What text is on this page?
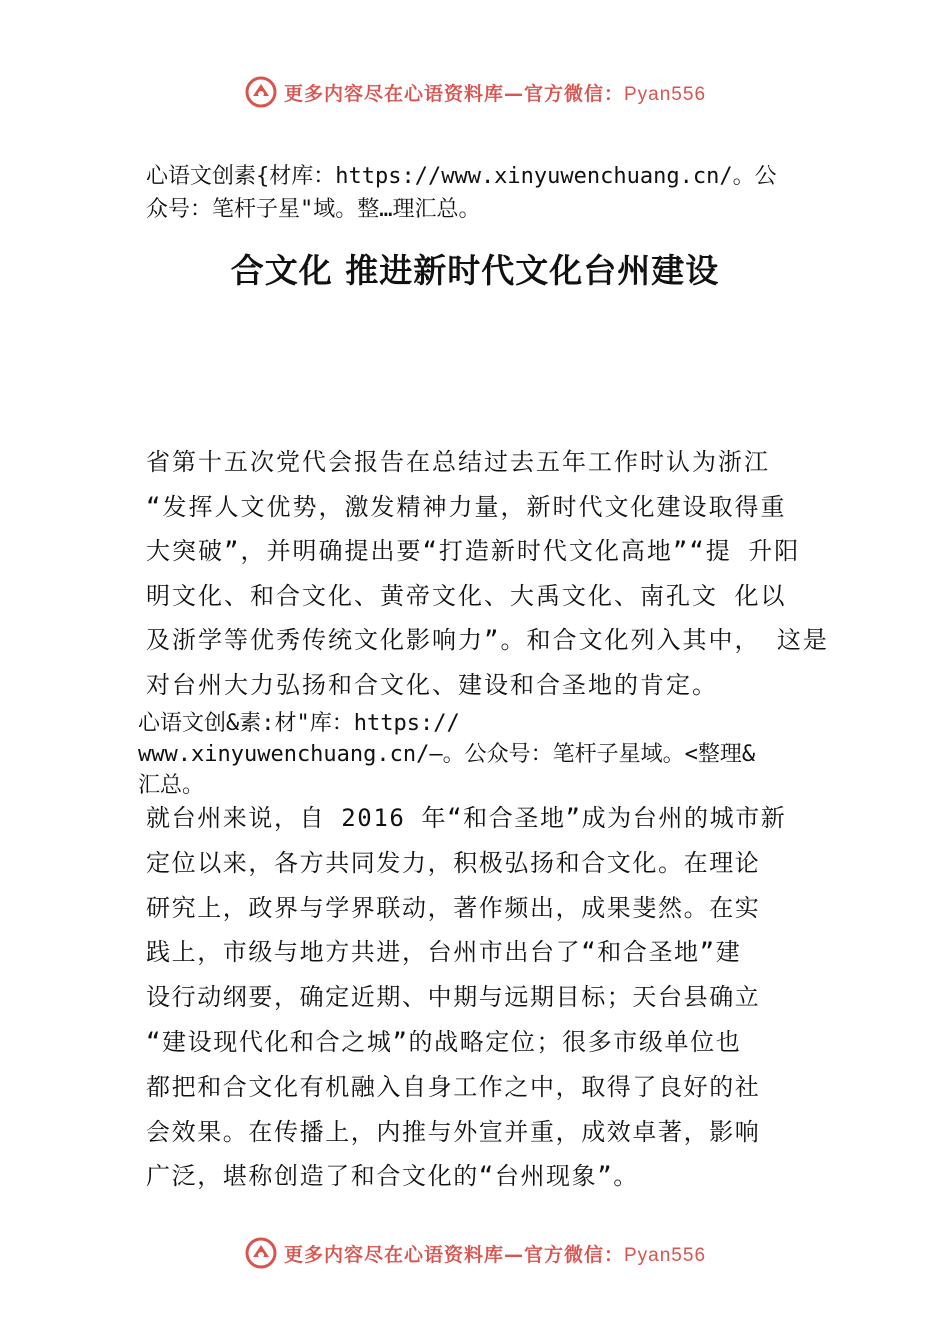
更多内容尽在心语资料库—官方微信：Pyan556
心语文创素{材库：https://www.xinyuwenchuang.cn/。公
众号：笔杆子星"域。整…理汇总。
合文化 推进新时代文化台州建设
省第十五次党代会报告在总结过去五年工作时认为浙江
“发挥人文优势，激发精神力量，新时代文化建设取得重
大突破”，并明确提出要“打造新时代文化高地”“提 升阳
明文化、和合文化、黄帝文化、大禹文化、南孔文 化以
及浙学等优秀传统文化影响力”。和合文化列入其中， 这是
对台州大力弘扬和合文化、建设和合圣地的肯定。
心语文创&素:材"库：https://
www.xinyuwenchuang.cn/—。公众号：笔杆子星域。<整理&
汇总。
就台州来说，自 2016 年“和合圣地”成为台州的城市新
定位以来，各方共同发力，积极弘扬和合文化。在理论
研究上，政界与学界联动，著作频出，成果斐然。在实
践上，市级与地方共进，台州市出台了“和合圣地”建
设行动纲要，确定近期、中期与远期目标；天台县确立
“建设现代化和合之城”的战略定位；很多市级单位也
都把和合文化有机融入自身工作之中，取得了良好的社
会效果。在传播上，内推与外宣并重，成效卓著，影响
广泛，堪称创造了和合文化的“台州现象”。
更多内容尽在心语资料库—官方微信：Pyan556
